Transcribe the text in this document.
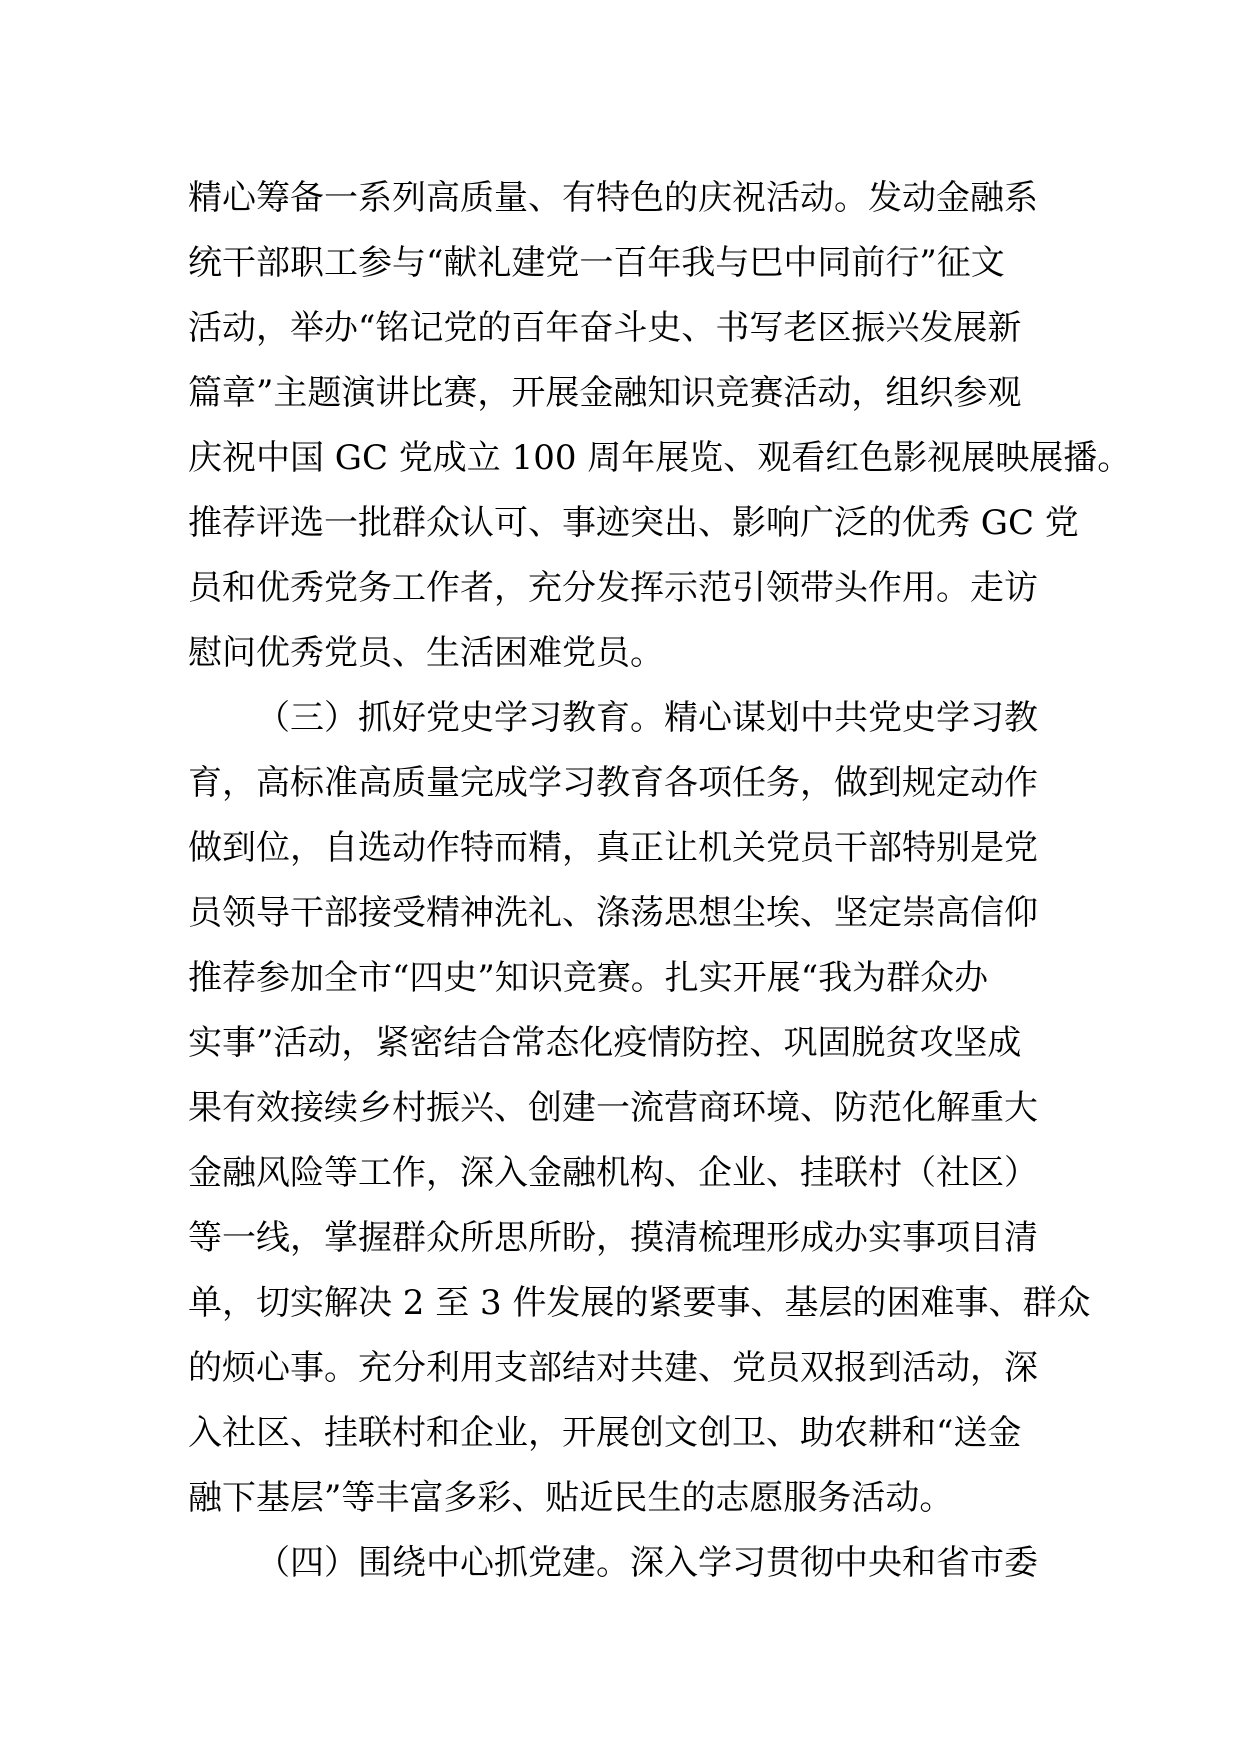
精心筹备一系列高质量、有特色的庆祝活动。发动金融系
统干部职工参与“献礼建党一百年我与巴中同前行”征文
活动，举办“铭记党的百年奋斗史、书写老区振兴发展新
篇章”主题演讲比赛，开展金融知识竞赛活动，组织参观
庆祝中国 GC 党成立 100 周年展览、观看红色影视展映展播。
推荐评选一批群众认可、事迹突出、影响广泛的优秀 GC 党
员和优秀党务工作者，充分发挥示范引领带头作用。走访
慰问优秀党员、生活困难党员。
（三）抓好党史学习教育。精心谋划中共党史学习教
育，高标准高质量完成学习教育各项任务，做到规定动作
做到位，自选动作特而精，真正让机关党员干部特别是党
员领导干部接受精神洗礼、涤荡思想尘埃、坚定崇高信仰
推荐参加全市“四史”知识竞赛。扎实开展“我为群众办
实事”活动，紧密结合常态化疫情防控、巩固脱贫攻坚成
果有效接续乡村振兴、创建一流营商环境、防范化解重大
金融风险等工作，深入金融机构、企业、挂联村（社区）
等一线，掌握群众所思所盼，摸清梳理形成办实事项目清
单，切实解决 2 至 3 件发展的紧要事、基层的困难事、群众
的烦心事。充分利用支部结对共建、党员双报到活动，深
入社区、挂联村和企业，开展创文创卫、助农耕和“送金
融下基层”等丰富多彩、贴近民生的志愿服务活动。
（四）围绕中心抓党建。深入学习贯彻中央和省市委
